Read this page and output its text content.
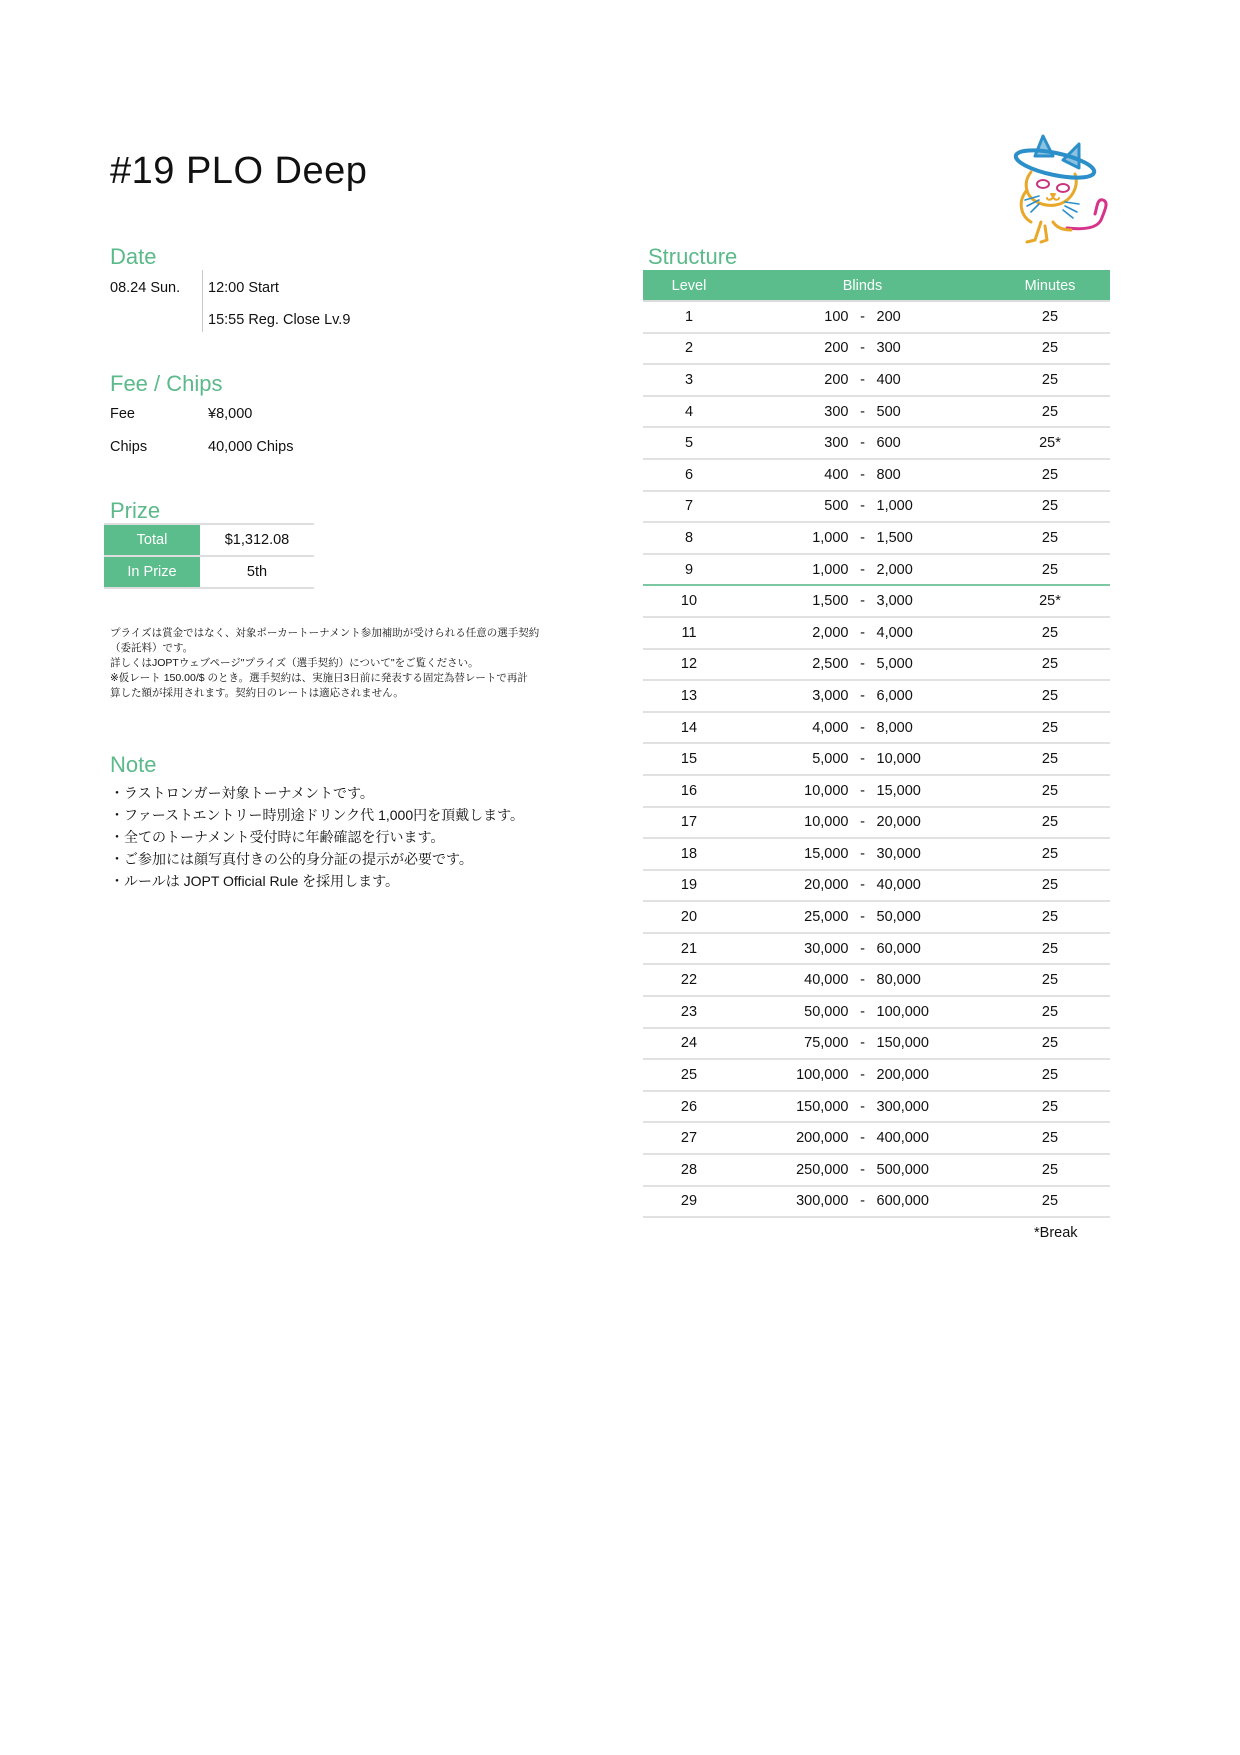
#19 PLO Deep
Date
08.24 Sun. 12:00 Start
15:55 Reg. Close Lv.9
Fee / Chips
Fee	¥8,000
Chips	40,000 Chips
Prize
Total	$1,312.08
In Prize	5th
プライズは賞金ではなく、対象ポーカートーナメント参加補助が受けられる任意の選手契約
（委託料）です。
詳しくはJOPTウェブページ"プライズ（選手契約）について"をご覧ください。
※仮レート 150.00/$ のとき。選手契約は、実施日3日前に発表する固定為替レートで再計
算した額が採用されます。契約日のレートは適応されません。
Note
・ラストロンガー対象トーナメントです。
・ファーストエントリー時別途ドリンク代 1,000円を頂戴します。
・全てのトーナメント受付時に年齢確認を行います。
・ご参加には顔写真付きの公的身分証の提示が必要です。
・ルールは JOPT Official Rule を採用します。
Structure
Level	Blinds	Minutes
1	100 - 200	25
2	200 - 300	25
3	200 - 400	25
4	300 - 500	25
5	300 - 600	25*
6	400 - 800	25
7	500 - 1,000	25
8	1,000 - 1,500	25
9	1,000 - 2,000	25
10	1,500 - 3,000	25*
11	2,000 - 4,000	25
12	2,500 - 5,000	25
13	3,000 - 6,000	25
14	4,000 - 8,000	25
15	5,000 - 10,000	25
16	10,000 - 15,000	25
17	10,000 - 20,000	25
18	15,000 - 30,000	25
19	20,000 - 40,000	25
20	25,000 - 50,000	25
21	30,000 - 60,000	25
22	40,000 - 80,000	25
23	50,000 - 100,000	25
24	75,000 - 150,000	25
25	100,000 - 200,000	25
26	150,000 - 300,000	25
27	200,000 - 400,000	25
28	250,000 - 500,000	25
29	300,000 - 600,000	25
*Break
